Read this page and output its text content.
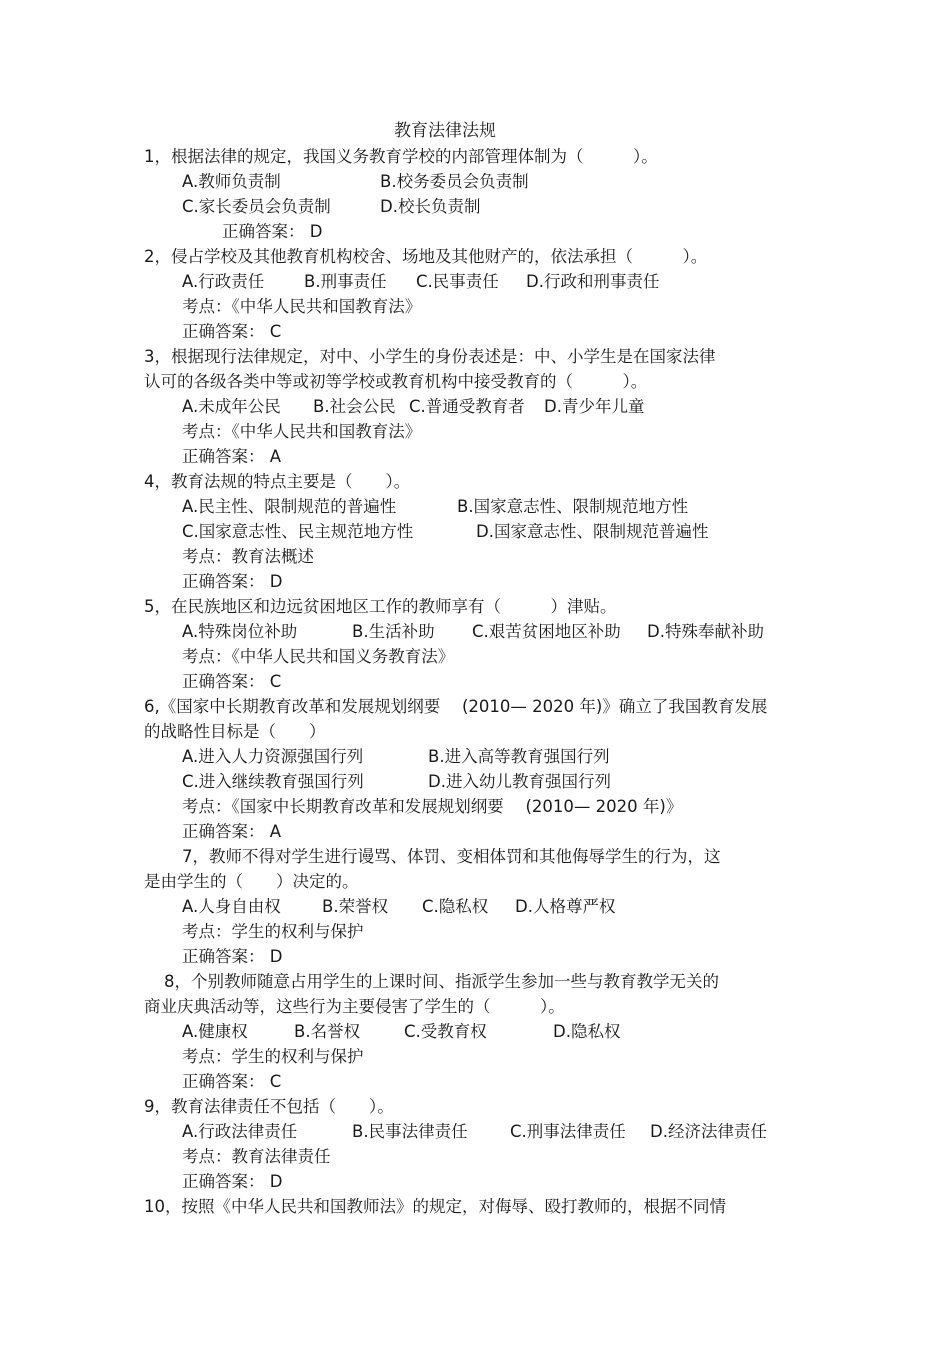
教育法律法规
1，根据法律的规定，我国义务教育学校的内部管理体制为（　　　）。
A.教师负责制	B.校务委员会负责制
C.家长委员会负责制	D.校长负责制
正确答案： D
2，侵占学校及其他教育机构校舍、场地及其他财产的，依法承担（　　　）。
A.行政责任	B.刑事责任	C.民事责任	D.行政和刑事责任
考点：《中华人民共和国教育法》
正确答案： C
3，根据现行法律规定，对中、小学生的身份表述是：中、小学生是在国家法律
认可的各级各类中等或初等学校或教育机构中接受教育的（　　　）。
A.未成年公民	B.社会公民 C.普通受教育者	D.青少年儿童
考点：《中华人民共和国教育法》
正确答案： A
4，教育法规的特点主要是（　　）。
A.民主性、限制规范的普遍性	B.国家意志性、限制规范地方性
C.国家意志性、民主规范地方性	D.国家意志性、限制规范普遍性
考点：教育法概述
正确答案： D
5，在民族地区和边远贫困地区工作的教师享有（　　　）津贴。
A.特殊岗位补助	B.生活补助	C.艰苦贫困地区补助	D.特殊奉献补助
考点：《中华人民共和国义务教育法》
正确答案： C
6,《国家中长期教育改革和发展规划纲要　 (2010— 2020 年)》确立了我国教育发展
的战略性目标是（　　）
A.进入人力资源强国行列	B.进入高等教育强国行列
C.进入继续教育强国行列	D.进入幼儿教育强国行列
考点：《国家中长期教育改革和发展规划纲要　 (2010— 2020 年)》
正确答案： A
7，教师不得对学生进行谩骂、体罚、变相体罚和其他侮辱学生的行为，这
是由学生的（　　）决定的。
A.人身自由权	B.荣誉权	C.隐私权	D.人格尊严权
考点：学生的权利与保护
正确答案： D
8，个别教师随意占用学生的上课时间、指派学生参加一些与教育教学无关的
商业庆典活动等，这些行为主要侵害了学生的（　　　）。
A.健康权	B.名誉权	C.受教育权	D.隐私权
考点：学生的权利与保护
正确答案： C
9，教育法律责任不包括（　　）。
A.行政法律责任	B.民事法律责任	C.刑事法律责任	D.经济法律责任
考点：教育法律责任
正确答案： D
10，按照《中华人民共和国教师法》的规定，对侮辱、殴打教师的，根据不同情
